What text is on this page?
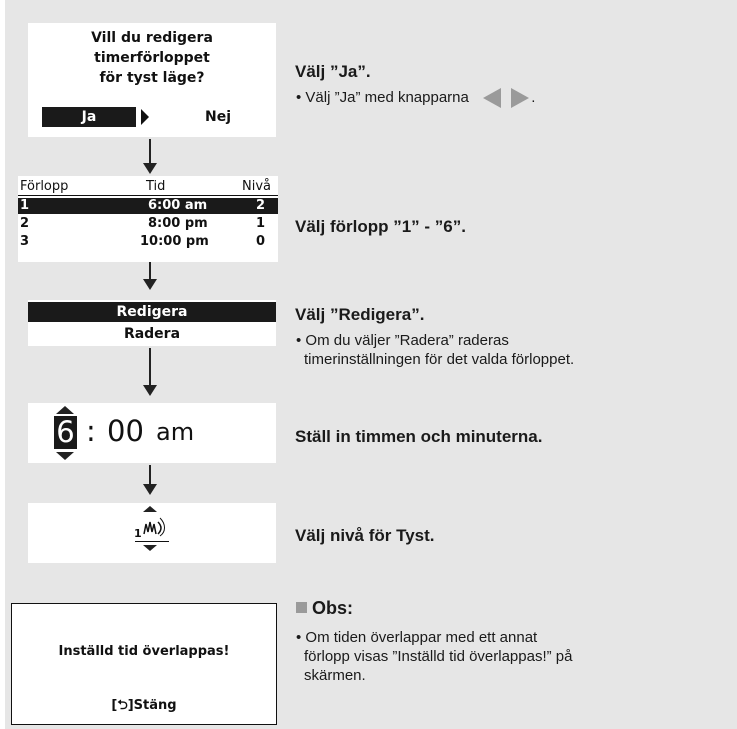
Vill du redigera
timerförloppet
för tyst läge?
Ja	Nej
Välj ”Ja”.
• Välj ”Ja” med knapparna	.
Förlopp	Tid	Nivå
1	6:00 am	2
2	8:00 pm	1
3	10:00 pm	0
Välj förlopp ”1” - ”6”.
Redigera
Radera
Välj ”Redigera”.
• Om du väljer ”Radera” raderas
timerinställningen för det valda förloppet.
6 : 00 am	Ställ in timmen och minuterna.
1	Välj nivå för Tyst.
Inställd tid överlappas!
[⮌]Stäng
Obs:
• Om tiden överlappar med ett annat
förlopp visas ”Inställd tid överlappas!” på
skärmen.
